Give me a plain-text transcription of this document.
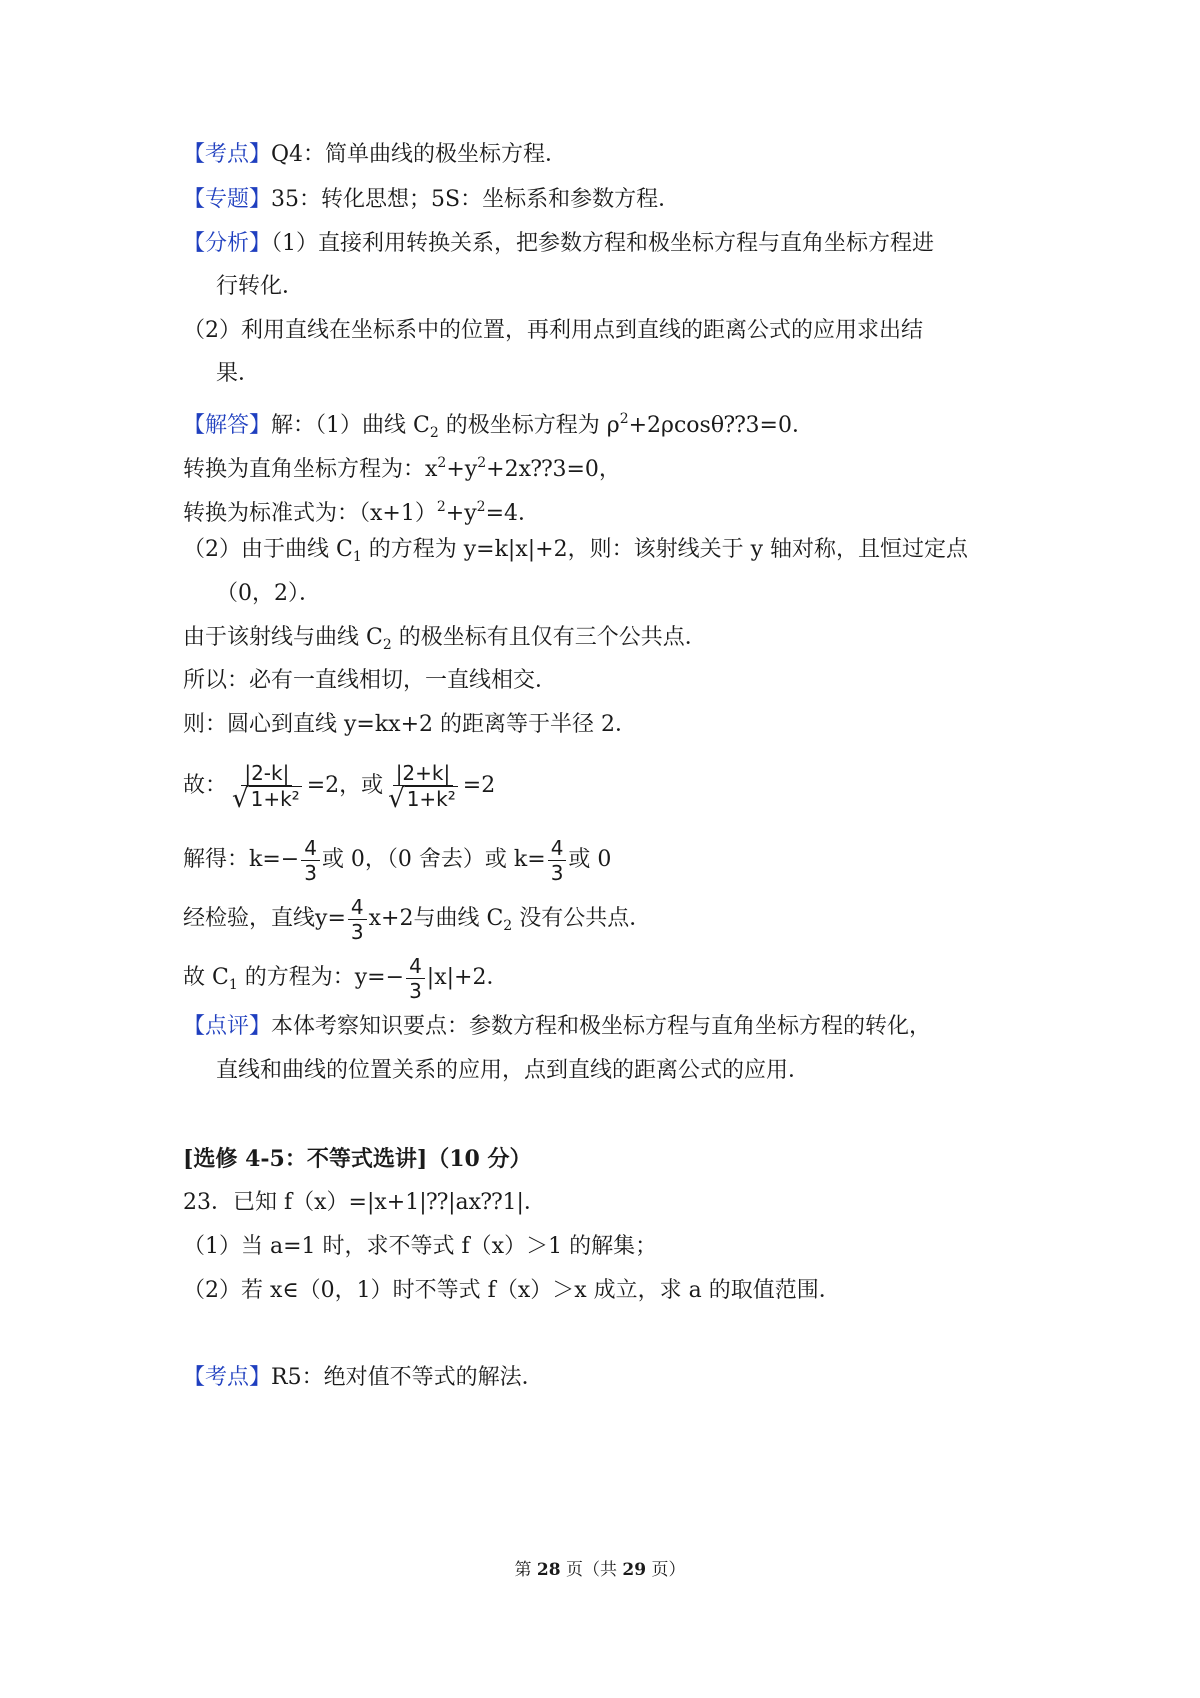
【考点】Q4：简单曲线的极坐标方程．
【专题】35：转化思想；5S：坐标系和参数方程．
【分析】（1）直接利用转换关系，把参数方程和极坐标方程与直角坐标方程进
行转化．
（2）利用直线在坐标系中的位置，再利用点到直线的距离公式的应用求出结
果．
【解答】解：（1）曲线 $C_2$ 的极坐标方程为 $\rho^2+2\rho\cos\theta⁇3=0$．
转换为直角坐标方程为：$x^2+y^2+2x⁇3=0$，
转换为标准式为：$(x+1)^2+y^2=4$．
（2）由于曲线 $C_1$ 的方程为 y=k|x|+2，则：该射线关于 y 轴对称，且恒过定点
（0，2）．
由于该射线与曲线 $C_2$ 的极坐标有且仅有三个公共点．
所以：必有一直线相切，一直线相交．
则：圆心到直线 y=kx+2 的距离等于半径 2．
故： $\frac{|2-k|}{\text{√ 1+k²}} =2$，或 $\frac{|2+k|}{\text{√ 1+k²}} =2$
解得：$k=- \frac{4}{3}$ 或 0，（0 舍去）或 $k= \frac{4}{3}$ 或 0
经检验，直线$y= \frac{4}{3} x+2$与曲线 $C_2$ 没有公共点．
故 $C_1$ 的方程为：$y=- \frac{4}{3} |x|+2$．
【点评】本体考察知识要点：参数方程和极坐标方程与直角坐标方程的转化，
直线和曲线的位置关系的应用，点到直线的距离公式的应用．
[选修 4-5：不等式选讲]（10 分）
23．已知 f（x）=|x+1|⁇|ax⁇1|．
（1）当 a=1 时，求不等式 f（x）＞1 的解集；
（2）若 x∈（0，1）时不等式 f（x）＞x 成立，求 a 的取值范围．
【考点】R5：绝对值不等式的解法．
第 28 页（共 29 页）
